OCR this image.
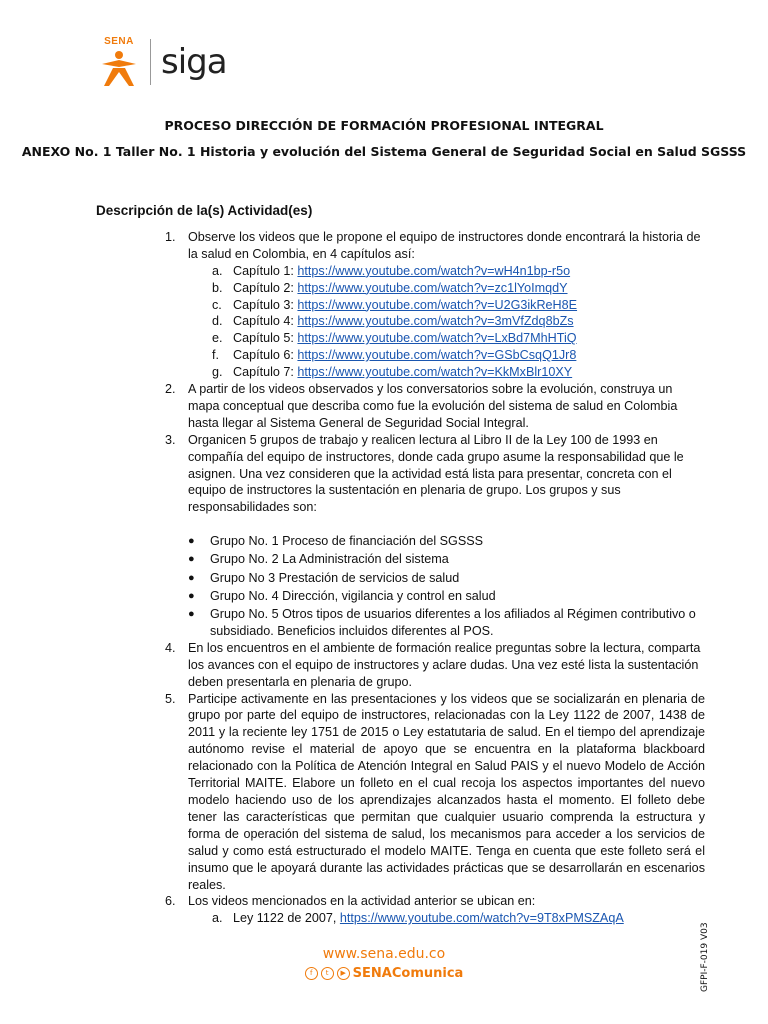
SENA
siga
PROCESO DIRECCIÓN DE FORMACIÓN PROFESIONAL INTEGRAL
ANEXO No. 1 Taller No. 1 Historia y evolución del Sistema General de Seguridad Social en Salud SGSSS
Descripción de la(s) Actividad(es)
1. Observe los videos que le propone el equipo de instructores donde encontrará la historia de la salud en Colombia, en 4 capítulos así:
a. Capítulo 1: https://www.youtube.com/watch?v=wH4n1bp-r5o
b. Capítulo 2: https://www.youtube.com/watch?v=zc1lYoImqdY
c. Capítulo 3: https://www.youtube.com/watch?v=U2G3ikReH8E
d. Capítulo 4: https://www.youtube.com/watch?v=3mVfZdq8bZs
e. Capítulo 5: https://www.youtube.com/watch?v=LxBd7MhHTiQ
f. Capítulo 6: https://www.youtube.com/watch?v=GSbCsqQ1Jr8
g. Capítulo 7: https://www.youtube.com/watch?v=KkMxBlr10XY
2. A partir de los videos observados y los conversatorios sobre la evolución, construya un mapa conceptual que describa como fue la evolución del sistema de salud en Colombia hasta llegar al Sistema General de Seguridad Social Integral.
3. Organicen 5 grupos de trabajo y realicen lectura al Libro II de la Ley 100 de 1993 en compañía del equipo de instructores, donde cada grupo asume la responsabilidad que le asignen. Una vez consideren que la actividad está lista para presentar, concreta con el equipo de instructores la sustentación en plenaria de grupo. Los grupos y sus responsabilidades son:
● Grupo No. 1 Proceso de financiación del SGSSS
● Grupo No. 2 La Administración del sistema
● Grupo No 3 Prestación de servicios de salud
● Grupo No. 4 Dirección, vigilancia y control en salud
● Grupo No. 5 Otros tipos de usuarios diferentes a los afiliados al Régimen contributivo o subsidiado. Beneficios incluidos diferentes al POS.
4. En los encuentros en el ambiente de formación realice preguntas sobre la lectura, comparta los avances con el equipo de instructores y aclare dudas. Una vez esté lista la sustentación deben presentarla en plenaria de grupo.
5. Participe activamente en las presentaciones y los videos que se socializarán en plenaria de grupo por parte del equipo de instructores, relacionadas con la Ley 1122 de 2007, 1438 de 2011 y la reciente ley 1751 de 2015 o Ley estatutaria de salud. En el tiempo del aprendizaje autónomo revise el material de apoyo que se encuentra en la plataforma blackboard relacionado con la Política de Atención Integral en Salud PAIS y el nuevo Modelo de Acción Territorial MAITE. Elabore un folleto en el cual recoja los aspectos importantes del nuevo modelo haciendo uso de los aprendizajes alcanzados hasta el momento. El folleto debe tener las características que permitan que cualquier usuario comprenda la estructura y forma de operación del sistema de salud, los mecanismos para acceder a los servicios de salud y como está estructurado el modelo MAITE. Tenga en cuenta que este folleto será el insumo que le apoyará durante las actividades prácticas que se desarrollarán en escenarios reales.
6. Los videos mencionados en la actividad anterior se ubican en:
a. Ley 1122 de 2007, https://www.youtube.com/watch?v=9T8xPMSZAqA
www.sena.edu.co
f	t	▶ SENAComunica	GFPI-F-019 V03
